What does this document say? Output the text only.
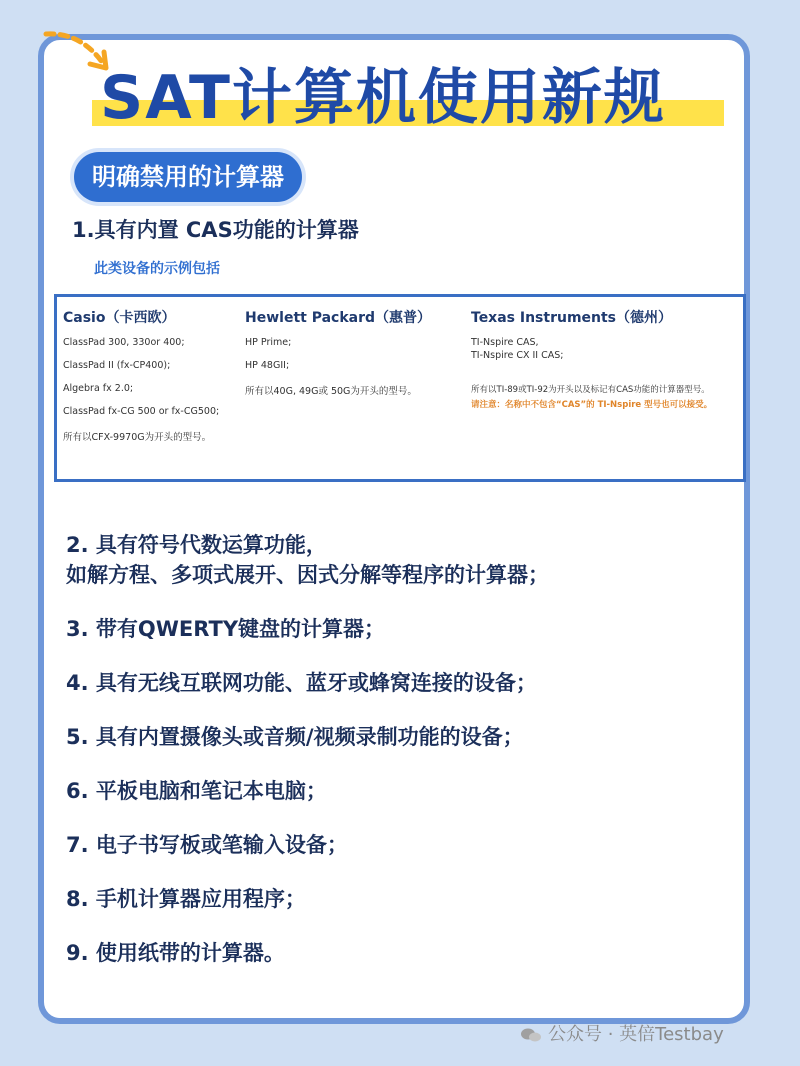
SAT计算机使用新规
明确禁用的计算器
1.具有内置 CAS功能的计算器
此类设备的示例包括
Casio（卡西欧）
ClassPad 300, 330or 400;
ClassPad II (fx-CP400);
Algebra fx 2.0;
ClassPad fx-CG 500 or fx-CG500;
所有以CFX-9970G为开头的型号。
Hewlett Packard（惠普）
HP Prime;
HP 48GII;
所有以40G, 49G或 50G为开头的型号。
Texas Instruments（德州）
TI-Nspire CAS,
TI-Nspire CX II CAS;
所有以TI-89或TI-92为开头以及标记有CAS功能的计算器型号。
请注意：名称中不包含“CAS”的 TI-Nspire 型号也可以接受。
2. 具有符号代数运算功能，
如解方程、多项式展开、因式分解等程序的计算器；
3. 带有QWERTY键盘的计算器；
4. 具有无线互联网功能、蓝牙或蜂窝连接的设备；
5. 具有内置摄像头或音频/视频录制功能的设备；
6. 平板电脑和笔记本电脑；
7. 电子书写板或笔输入设备；
8. 手机计算器应用程序；
9. 使用纸带的计算器。
公众号 · 英倍Testbay
